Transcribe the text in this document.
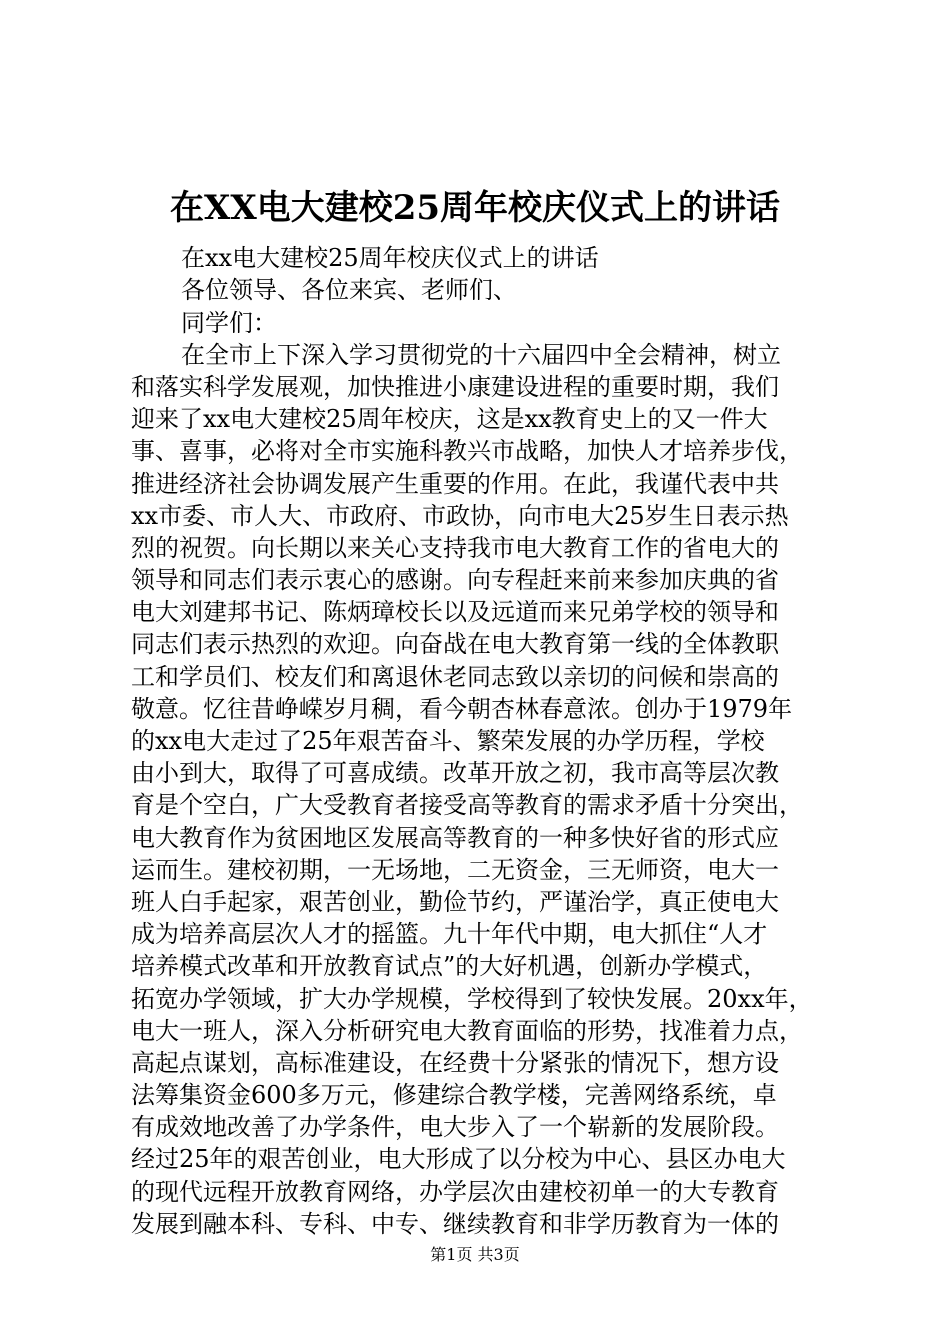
在XX电大建校25周年校庆仪式上的讲话
在xx电大建校25周年校庆仪式上的讲话
各位领导、各位来宾、老师们、
同学们：
在全市上下深入学习贯彻党的十六届四中全会精神，树立
和落实科学发展观，加快推进小康建设进程的重要时期，我们
迎来了xx电大建校25周年校庆，这是xx教育史上的又一件大
事、喜事，必将对全市实施科教兴市战略，加快人才培养步伐，
推进经济社会协调发展产生重要的作用。在此，我谨代表中共
xx市委、市人大、市政府、市政协，向市电大25岁生日表示热
烈的祝贺。向长期以来关心支持我市电大教育工作的省电大的
领导和同志们表示衷心的感谢。向专程赶来前来参加庆典的省
电大刘建邦书记、陈炳璋校长以及远道而来兄弟学校的领导和
同志们表示热烈的欢迎。向奋战在电大教育第一线的全体教职
工和学员们、校友们和离退休老同志致以亲切的问候和崇高的
敬意。忆往昔峥嵘岁月稠，看今朝杏林春意浓。创办于1979年
的xx电大走过了25年艰苦奋斗、繁荣发展的办学历程，学校
由小到大，取得了可喜成绩。改革开放之初，我市高等层次教
育是个空白，广大受教育者接受高等教育的需求矛盾十分突出，
电大教育作为贫困地区发展高等教育的一种多快好省的形式应
运而生。建校初期，一无场地，二无资金，三无师资，电大一
班人白手起家，艰苦创业，勤俭节约，严谨治学，真正使电大
成为培养高层次人才的摇篮。九十年代中期，电大抓住“人才
培养模式改革和开放教育试点”的大好机遇，创新办学模式，
拓宽办学领域，扩大办学规模，学校得到了较快发展。20xx年，
电大一班人，深入分析研究电大教育面临的形势，找准着力点，
高起点谋划，高标准建设，在经费十分紧张的情况下，想方设
法筹集资金600多万元，修建综合教学楼，完善网络系统，卓
有成效地改善了办学条件，电大步入了一个崭新的发展阶段。
经过25年的艰苦创业，电大形成了以分校为中心、县区办电大
的现代远程开放教育网络，办学层次由建校初单一的大专教育
发展到融本科、专科、中专、继续教育和非学历教育为一体的
第1页 共3页
